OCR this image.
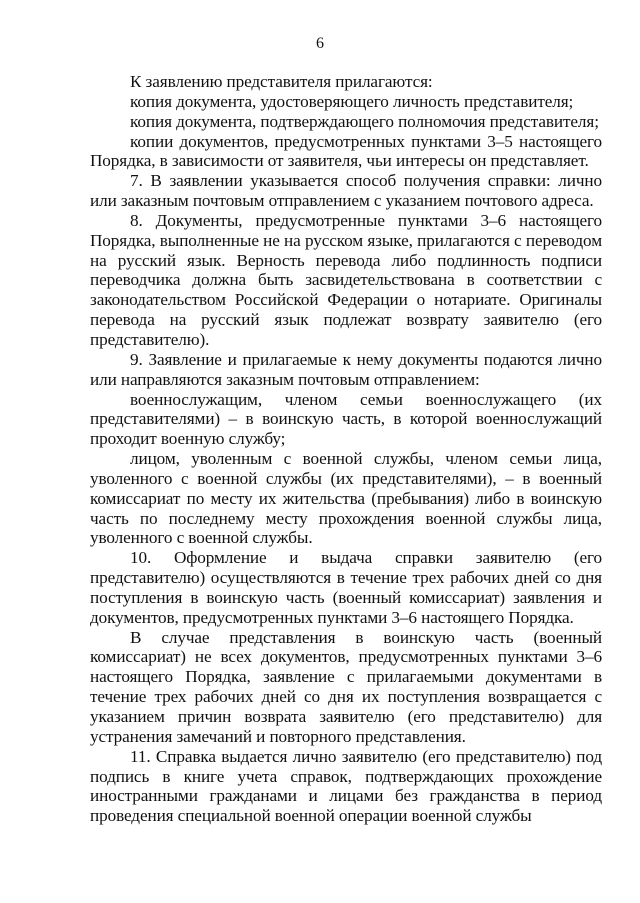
6

К заявлению представителя прилагаются:

копия документа, удостоверяющего личность представителя;

копия документа, подтверждающего полномочия представителя;

копии документов, предусмотренных пунктами 3–5 настоящего Порядка, в зависимости от заявителя, чьи интересы он представляет.

7. В заявлении указывается способ получения справки: лично или заказным почтовым отправлением с указанием почтового адреса.

8. Документы, предусмотренные пунктами 3–6 настоящего Порядка, выполненные не на русском языке, прилагаются с переводом на русский язык. Верность перевода либо подлинность подписи переводчика должна быть засвидетельствована в соответствии с законодательством Российской Федерации о нотариате. Оригиналы перевода на русский язык подлежат возврату заявителю (его представителю).

9. Заявление и прилагаемые к нему документы подаются лично или направляются заказным почтовым отправлением:

военнослужащим, членом семьи военнослужащего (их представителями) – в воинскую часть, в которой военнослужащий проходит военную службу;

лицом, уволенным с военной службы, членом семьи лица, уволенного с военной службы (их представителями), – в военный комиссариат по месту их жительства (пребывания) либо в воинскую часть по последнему месту прохождения военной службы лица, уволенного с военной службы.

10. Оформление и выдача справки заявителю (его представителю) осуществляются в течение трех рабочих дней со дня поступления в воинскую часть (военный комиссариат) заявления и документов, предусмотренных пунктами 3–6 настоящего Порядка.

В случае представления в воинскую часть (военный комиссариат) не всех документов, предусмотренных пунктами 3–6 настоящего Порядка, заявление с прилагаемыми документами в течение трех рабочих дней со дня их поступления возвращается с указанием причин возврата заявителю (его представителю) для устранения замечаний и повторного представления.

11. Справка выдается лично заявителю (его представителю) под подпись в книге учета справок, подтверждающих прохождение иностранными гражданами и лицами без гражданства в период проведения специальной военной операции военной службы
